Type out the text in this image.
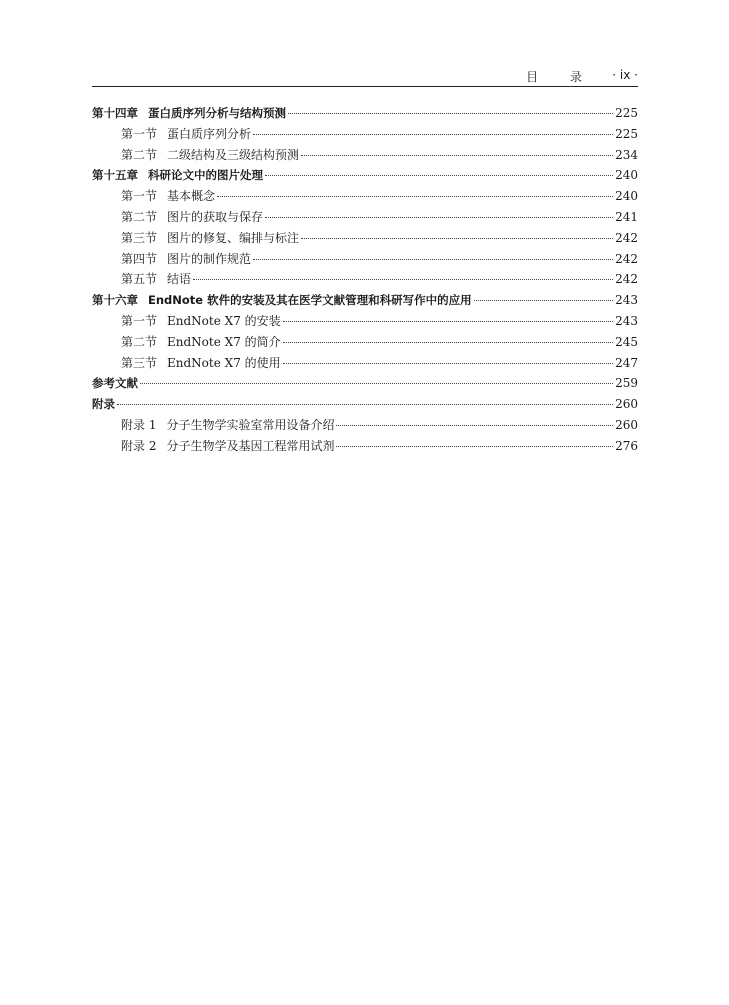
目 录 · ix ·
第十四章 蛋白质序列分析与结构预测	225
第一节 蛋白质序列分析	225
第二节 二级结构及三级结构预测	234
第十五章 科研论文中的图片处理	240
第一节 基本概念	240
第二节 图片的获取与保存	241
第三节 图片的修复、编排与标注	242
第四节 图片的制作规范	242
第五节 结语	242
第十六章 EndNote 软件的安装及其在医学文献管理和科研写作中的应用	243
第一节 EndNote Ⅹ7 的安装	243
第二节 EndNote Ⅹ7 的简介	245
第三节 EndNote Ⅹ7 的使用	247
参考文献	259
附录	260
附录 1 分子生物学实验室常用设备介绍	260
附录 2 分子生物学及基因工程常用试剂	276
